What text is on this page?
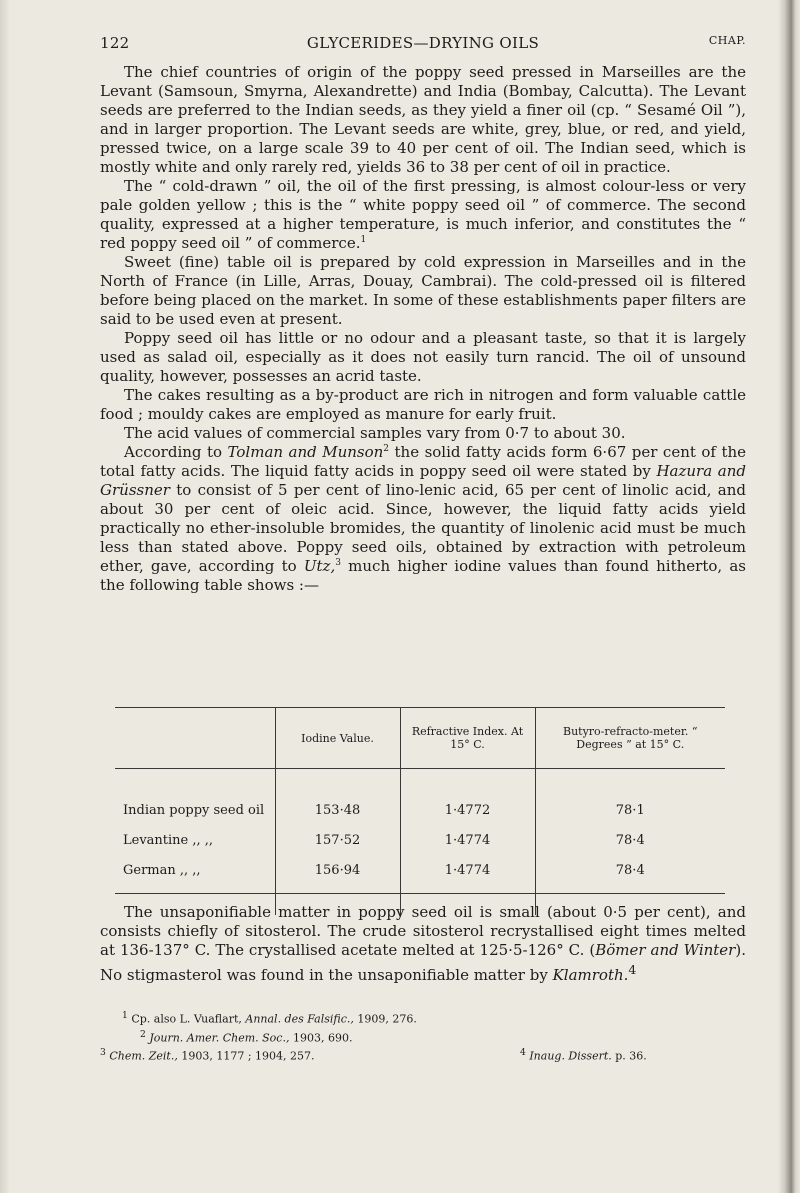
122	GLYCERIDES—DRYING OILS	CHAP.

The chief countries of origin of the poppy seed pressed in Marseilles are the Levant (Samsoun, Smyrna, Alexandrette) and India (Bombay, Calcutta). The Levant seeds are preferred to the Indian seeds, as they yield a finer oil (cp. “ Sesamé Oil ”), and in larger proportion. The Levant seeds are white, grey, blue, or red, and yield, pressed twice, on a large scale 39 to 40 per cent of oil. The Indian seed, which is mostly white and only rarely red, yields 36 to 38 per cent of oil in practice.

The “ cold-drawn ” oil, the oil of the first pressing, is almost colour-less or very pale golden yellow ; this is the “ white poppy seed oil ” of commerce. The second quality, expressed at a higher temperature, is much inferior, and constitutes the “ red poppy seed oil ” of commerce.$^1$

Sweet (fine) table oil is prepared by cold expression in Marseilles and in the North of France (in Lille, Arras, Douay, Cambrai). The cold-pressed oil is filtered before being placed on the market. In some of these establishments paper filters are said to be used even at present.

Poppy seed oil has little or no odour and a pleasant taste, so that it is largely used as salad oil, especially as it does not easily turn rancid. The oil of unsound quality, however, possesses an acrid taste.

The cakes resulting as a by-product are rich in nitrogen and form valuable cattle food ; mouldy cakes are employed as manure for early fruit.

The acid values of commercial samples vary from 0·7 to about 30.

According to Tolman and Munson$^2$ the solid fatty acids form 6·67 per cent of the total fatty acids. The liquid fatty acids in poppy seed oil were stated by Hazura and Grüssner to consist of 5 per cent of lino-lenic acid, 65 per cent of linolic acid, and about 30 per cent of oleic acid. Since, however, the liquid fatty acids yield practically no ether-insoluble bromides, the quantity of linolenic acid must be much less than stated above. Poppy seed oils, obtained by extraction with petroleum ether, gave, according to Utz,$^3$ much higher iodine values than found hitherto, as the following table shows :—

	Iodine Value.	Refractive Index. At 15° C.	Butyro-refracto-meter. “ Degrees ” at 15° C.
Indian poppy seed oil	153·48	1·4772	78·1
Levantine ,, ,,	157·52	1·4774	78·4
German ,, ,,	156·94	1·4774	78·4

The unsaponifiable matter in poppy seed oil is small (about 0·5 per cent), and consists chiefly of sitosterol. The crude sitosterol recrystallised eight times melted at 136-137° C. The crystallised acetate melted at 125·5-126° C. (Bömer and Winter). No stigmasterol was found in the unsaponifiable matter by Klamroth.$^4$

$^1$ Cp. also L. Vuaflart, Annal. des Falsific., 1909, 276.
$^2$ Journ. Amer. Chem. Soc., 1903, 690.
$^3$ Chem. Zeit., 1903, 1177 ; 1904, 257.	$^4$ Inaug. Dissert. p. 36.
